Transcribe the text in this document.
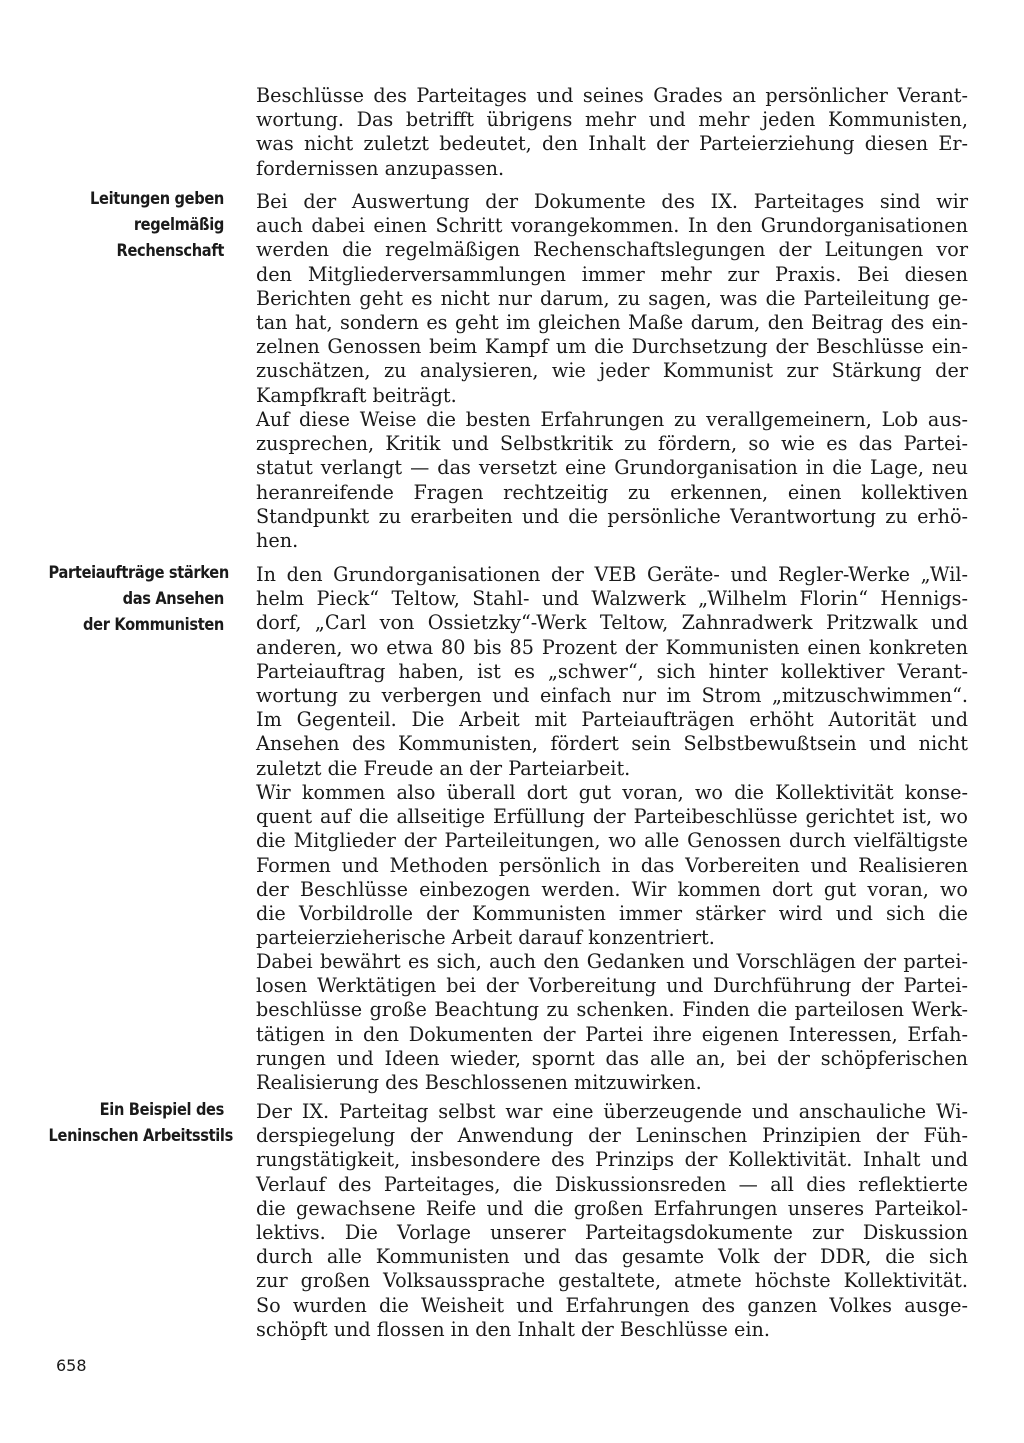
Beschlüsse des Parteitages und seines Grades an persönlicher Verant-
wortung. Das betrifft übrigens mehr und mehr jeden Kommunisten,
was nicht zuletzt bedeutet, den Inhalt der Parteierziehung diesen Er-
fordernissen anzupassen.
Leitungen geben
regelmäßig
Rechenschaft
Bei der Auswertung der Dokumente des IX. Parteitages sind wir
auch dabei einen Schritt vorangekommen. In den Grundorganisationen
werden die regelmäßigen Rechenschaftslegungen der Leitungen vor
den Mitgliederversammlungen immer mehr zur Praxis. Bei diesen
Berichten geht es nicht nur darum, zu sagen, was die Parteileitung ge-
tan hat, sondern es geht im gleichen Maße darum, den Beitrag des ein-
zelnen Genossen beim Kampf um die Durchsetzung der Beschlüsse ein-
zuschätzen, zu analysieren, wie jeder Kommunist zur Stärkung der
Kampfkraft beiträgt.
Auf diese Weise die besten Erfahrungen zu verallgemeinern, Lob aus-
zusprechen, Kritik und Selbstkritik zu fördern, so wie es das Partei-
statut verlangt — das versetzt eine Grundorganisation in die Lage, neu
heranreifende Fragen rechtzeitig zu erkennen, einen kollektiven
Standpunkt zu erarbeiten und die persönliche Verantwortung zu erhö-
hen.
Parteiaufträge stärken
das Ansehen
der Kommunisten
In den Grundorganisationen der VEB Geräte- und Regler-Werke „Wil-
helm Pieck“ Teltow, Stahl- und Walzwerk „Wilhelm Florin“ Hennigs-
dorf, „Carl von Ossietzky“-Werk Teltow, Zahnradwerk Pritzwalk und
anderen, wo etwa 80 bis 85 Prozent der Kommunisten einen konkreten
Parteiauftrag haben, ist es „schwer“, sich hinter kollektiver Verant-
wortung zu verbergen und einfach nur im Strom „mitzuschwimmen“.
Im Gegenteil. Die Arbeit mit Parteiaufträgen erhöht Autorität und
Ansehen des Kommunisten, fördert sein Selbstbewußtsein und nicht
zuletzt die Freude an der Parteiarbeit.
Wir kommen also überall dort gut voran, wo die Kollektivität konse-
quent auf die allseitige Erfüllung der Parteibeschlüsse gerichtet ist, wo
die Mitglieder der Parteileitungen, wo alle Genossen durch vielfältigste
Formen und Methoden persönlich in das Vorbereiten und Realisieren
der Beschlüsse einbezogen werden. Wir kommen dort gut voran, wo
die Vorbildrolle der Kommunisten immer stärker wird und sich die
parteierzieherische Arbeit darauf konzentriert.
Dabei bewährt es sich, auch den Gedanken und Vorschlägen der partei-
losen Werktätigen bei der Vorbereitung und Durchführung der Partei-
beschlüsse große Beachtung zu schenken. Finden die parteilosen Werk-
tätigen in den Dokumenten der Partei ihre eigenen Interessen, Erfah-
rungen und Ideen wieder, spornt das alle an, bei der schöpferischen
Realisierung des Beschlossenen mitzuwirken.
Ein Beispiel des
Leninschen Arbeitsstils
Der IX. Parteitag selbst war eine überzeugende und anschauliche Wi-
derspiegelung der Anwendung der Leninschen Prinzipien der Füh-
rungstätigkeit, insbesondere des Prinzips der Kollektivität. Inhalt und
Verlauf des Parteitages, die Diskussionsreden — all dies reflektierte
die gewachsene Reife und die großen Erfahrungen unseres Parteikol-
lektivs. Die Vorlage unserer Parteitagsdokumente zur Diskussion
durch alle Kommunisten und das gesamte Volk der DDR, die sich
zur großen Volksaussprache gestaltete, atmete höchste Kollektivität.
So wurden die Weisheit und Erfahrungen des ganzen Volkes ausge-
schöpft und flossen in den Inhalt der Beschlüsse ein.
658
